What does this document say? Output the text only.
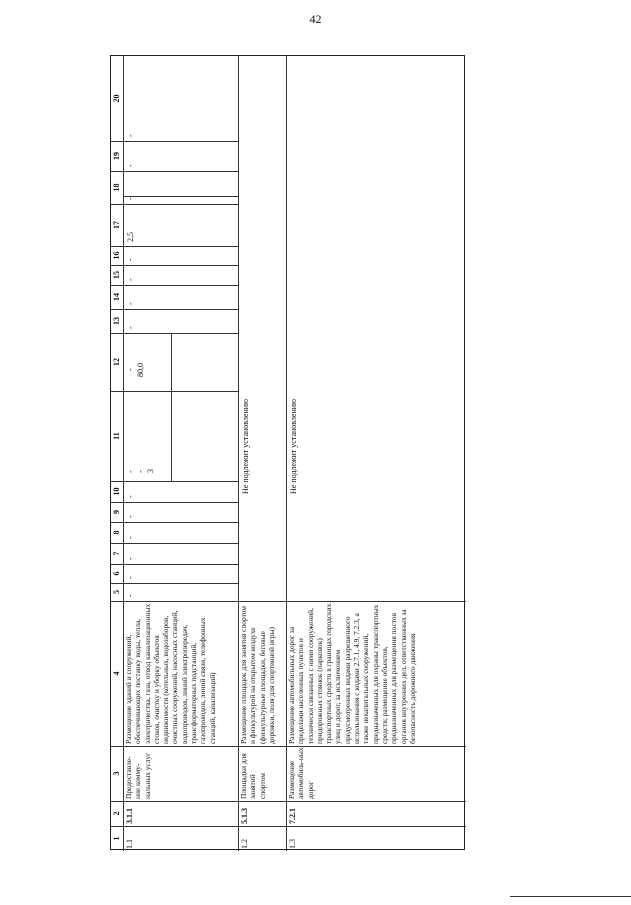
42
1
2
3
4
5
6
7
8
9
10
11
12
13
14
15
16
17
18
19
20
1.1
3.1.1
Предоставле-ние комму-нальных услуг
Размещение зданий и сооружений, обеспечивающих поставку воды, тепла, электричества, газа, отвод канализационных стоков, очистку и уборку объектов недвижимости (котельных, водозаборов, очистных сооружений, насосных станций, водопроводов, линий электропередач, трансформаторных подстанций, газопроводов, линий связи, телефонных станций, канализаций)
-
-
-
-
-
-
-
-
-
-
2,5
-
-
-
- - 3
- 80,0
1.2
5.1.3
Площадки для занятий спортом
Размещение площадок для занятия спортом и физкультурой на открытом воздухе (физкультурные площадки, беговые дорожки, поля для спортивной игры)
Не подлежит установлению
1.3
7.2.1
Размещение автомобиль-ных дорог
Размещение автомобильных дорог за пределами населенных пунктов и технически связанных с ними сооружений, придорожных стоянок (парковок) транспортных средств в границах городских улиц и дорог, за исключением предусмотренных видами разрешенного использования с кодами 2.7.1, 4.9, 7.2.3, а также некапитальных сооружений, предназначенных для охраны транспортных средств; размещение объектов, предназначенных для размещения постов органов внутренних дел, ответственных за безопасность дорожного движения
Не подлежит установлению
